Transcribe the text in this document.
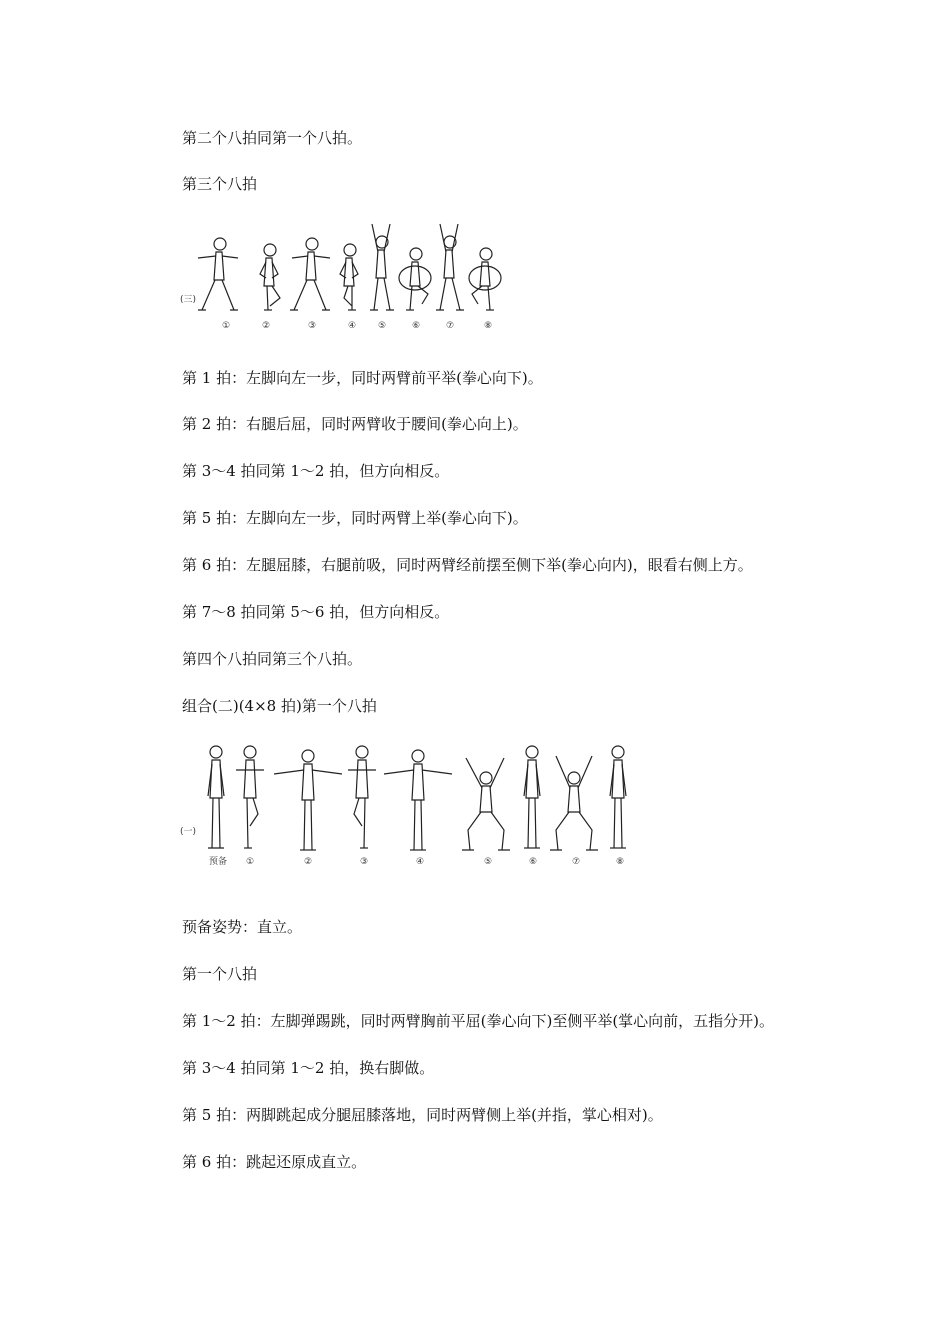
第二个八拍同第一个八拍。
第三个八拍
(三)
①	②	③	④ ⑤	⑥	⑦	⑧
第 1 拍：左脚向左一步，同时两臂前平举(拳心向下)。
第 2 拍：右腿后屈，同时两臂收于腰间(拳心向上)。
第 3～4 拍同第 1～2 拍，但方向相反。
第 5 拍：左脚向左一步，同时两臂上举(拳心向下)。
第 6 拍：左腿屈膝，右腿前吸，同时两臂经前摆至侧下举(拳心向内)，眼看右侧上方。
第 7～8 拍同第 5～6 拍，但方向相反。
第四个八拍同第三个八拍。
组合(二)(4×8 拍)第一个八拍
(一)
预备 ①	②	③	④	⑤	⑥	⑦	⑧
预备姿势：直立。
第一个八拍
第 1～2 拍：左脚弹踢跳，同时两臂胸前平屈(拳心向下)至侧平举(掌心向前，五指分开)。
第 3～4 拍同第 1～2 拍，换右脚做。
第 5 拍：两脚跳起成分腿屈膝落地，同时两臂侧上举(并指，掌心相对)。
第 6 拍：跳起还原成直立。
